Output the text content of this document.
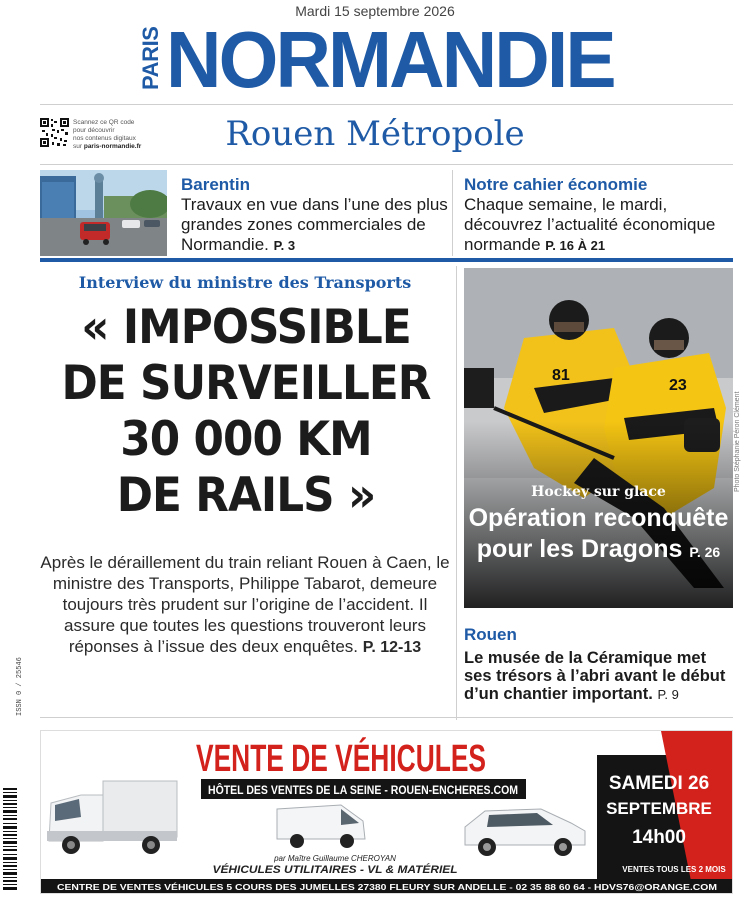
Mardi 15 septembre 2026
PARIS NORMANDIE
Scannez ce QR code
pour découvrir
nos contenus digitaux
sur paris-normandie.fr	Rouen Métropole
Barentin
Travaux en vue dans l’une des plus grandes zones commerciales de Normandie. P. 3
Notre cahier économie
Chaque semaine, le mardi, découvrez l’actualité économique normande P. 16 À 21
Interview du ministre des Transports
« IMPOSSIBLE
DE SURVEILLER
30 000 KM
DE RAILS »
Après le déraillement du train reliant Rouen à Caen, le ministre des Transports, Philippe Tabarot, demeure toujours très prudent sur l’origine de l’accident. Il assure que toutes les questions trouveront leurs réponses à l’issue des deux enquêtes. P. 12-13
Hockey sur glace
Opération reconquête pour les Dragons P. 26
Photo Stéphanie Péron Clément
Rouen
Le musée de la Céramique met ses trésors à l’abri avant le début d’un chantier important. P. 9
ISSN 0 / 25546
VENTE DE VÉHICULES
HÔTEL DES VENTES DE LA SEINE - ROUEN-ENCHERES.COM
par Maître Guillaume CHEROYAN
VÉHICULES UTILITAIRES - VL & MATÉRIEL
SAMEDI 26
SEPTEMBRE
14h00
VENTES TOUS LES 2 MOIS
CENTRE DE VENTES VÉHICULES 5 COURS DES JUMELLES 27380 FLEURY SUR ANDELLE - 02 35 88 60 64 - HDVS76@ORANGE.COM
